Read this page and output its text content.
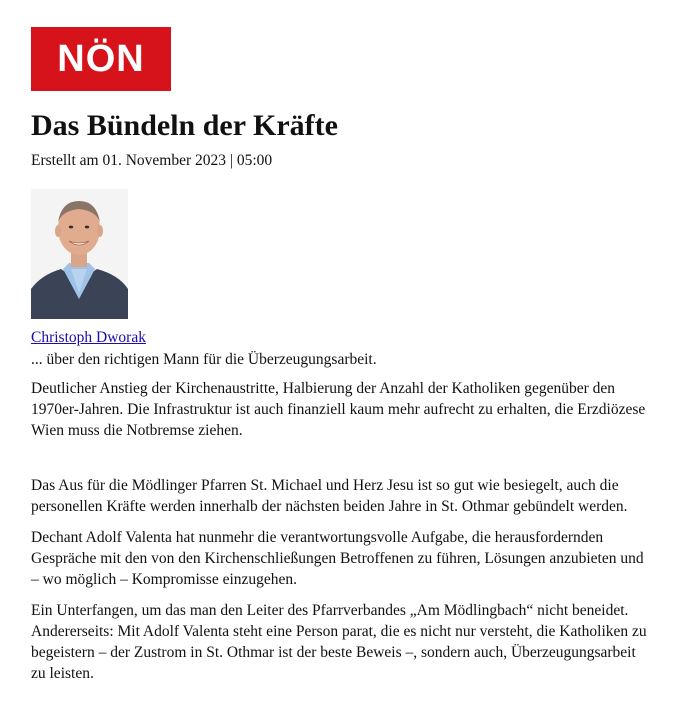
NÖN
Das Bündeln der Kräfte
Erstellt am 01. November 2023 | 05:00
Christoph Dworak
... über den richtigen Mann für die Überzeugungsarbeit.

Deutlicher Anstieg der Kirchenaustritte, Halbierung der Anzahl der Katholiken gegenüber den 1970er-Jahren. Die Infrastruktur ist auch finanziell kaum mehr aufrecht zu erhalten, die Erzdiözese Wien muss die Notbremse ziehen.

Das Aus für die Mödlinger Pfarren St. Michael und Herz Jesu ist so gut wie besiegelt, auch die personellen Kräfte werden innerhalb der nächsten beiden Jahre in St. Othmar gebündelt werden.

Dechant Adolf Valenta hat nunmehr die verantwortungsvolle Aufgabe, die herausfordernden Gespräche mit den von den Kirchenschließungen Betroffenen zu führen, Lösungen anzubieten und – wo möglich – Kompromisse einzugehen.

Ein Unterfangen, um das man den Leiter des Pfarrverbandes „Am Mödlingbach“ nicht beneidet. Andererseits: Mit Adolf Valenta steht eine Person parat, die es nicht nur versteht, die Katholiken zu begeistern – der Zustrom in St. Othmar ist der beste Beweis –, sondern auch, Überzeugungsarbeit zu leisten.
